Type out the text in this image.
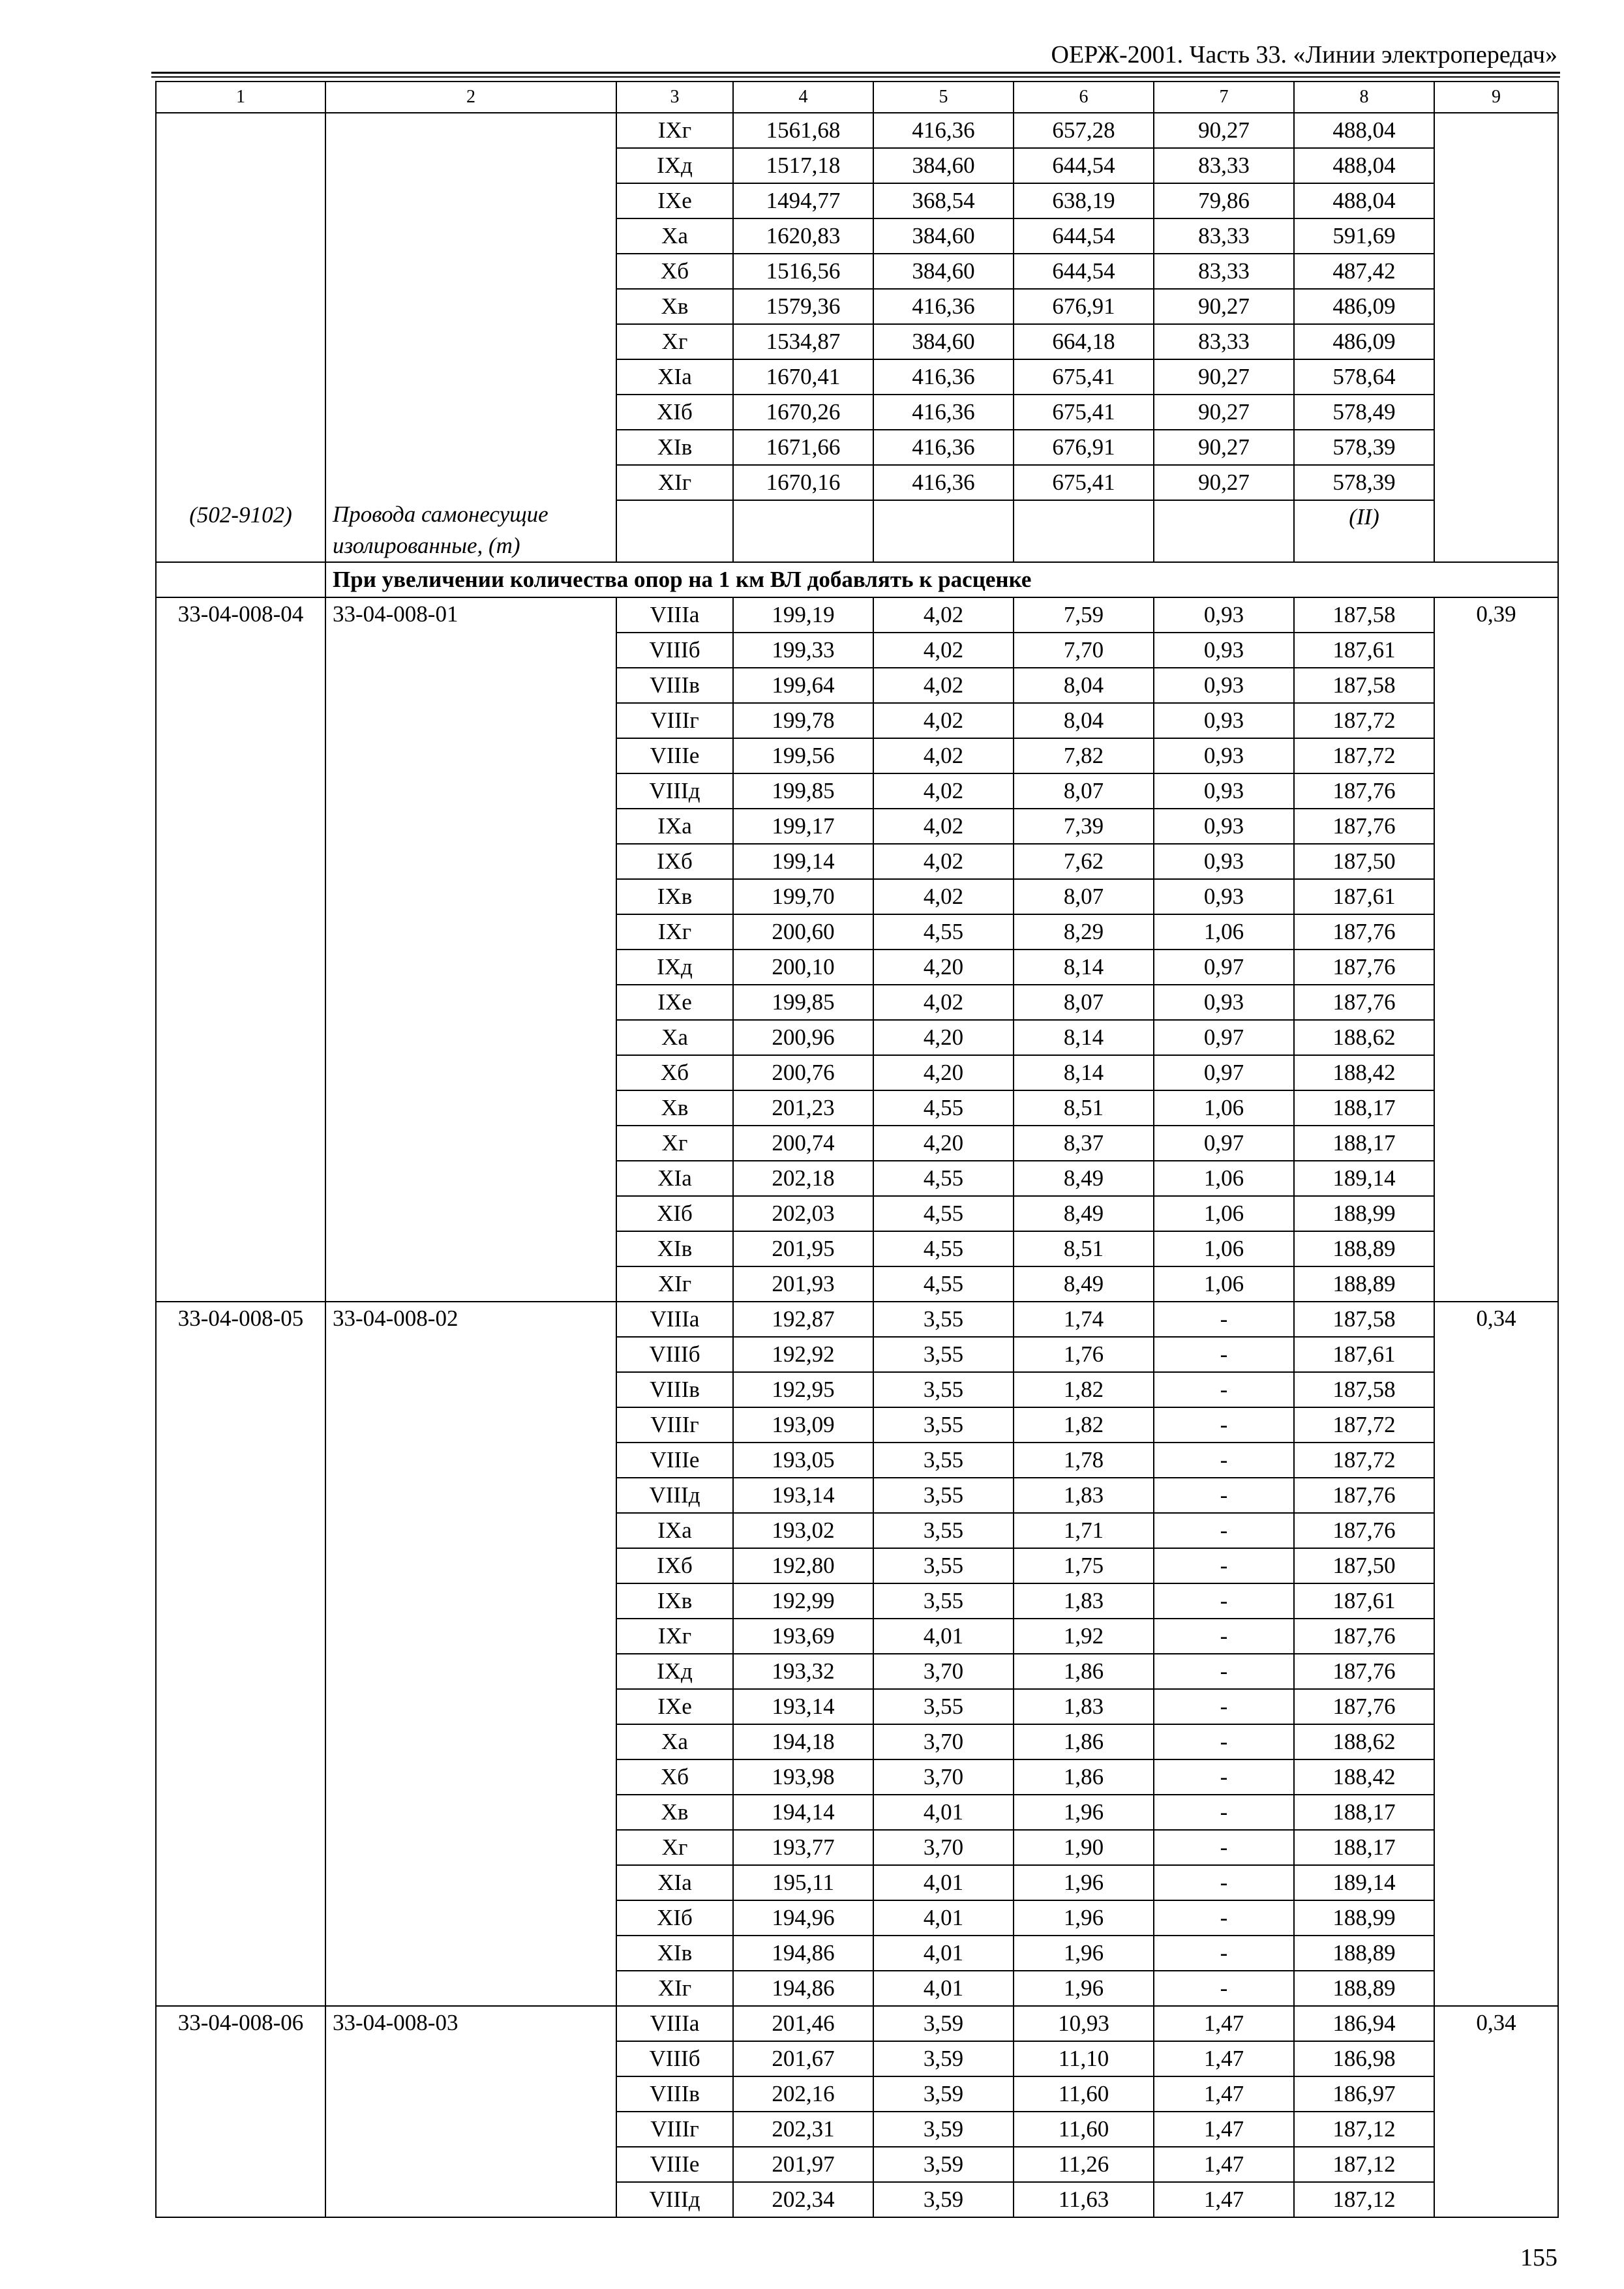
ОЕРЖ-2001. Часть 33. «Линии электропередач»
1	2	3	4	5	6	7	8	9
(502-9102)	Провода самонесущие изолированные, (т)	IXг	1561,68	416,36	657,28	90,27	488,04	
		IXд	1517,18	384,60	644,54	83,33	488,04	
		IXе	1494,77	368,54	638,19	79,86	488,04	
		Xа	1620,83	384,60	644,54	83,33	591,69	
		Xб	1516,56	384,60	644,54	83,33	487,42	
		Xв	1579,36	416,36	676,91	90,27	486,09	
		Xг	1534,87	384,60	664,18	83,33	486,09	
		XIа	1670,41	416,36	675,41	90,27	578,64	
		XIб	1670,26	416,36	675,41	90,27	578,49	
		XIв	1671,66	416,36	676,91	90,27	578,39	
		XIг	1670,16	416,36	675,41	90,27	578,39	
							(II)	
	При увеличении количества опор на 1 км ВЛ добавлять к расценке							
33-04-008-04	33-04-008-01	VIIIа	199,19	4,02	7,59	0,93	187,58	0,39
		VIIIб	199,33	4,02	7,70	0,93	187,61	
		VIIIв	199,64	4,02	8,04	0,93	187,58	
		VIIIг	199,78	4,02	8,04	0,93	187,72	
		VIIIе	199,56	4,02	7,82	0,93	187,72	
		VIIIд	199,85	4,02	8,07	0,93	187,76	
		IXа	199,17	4,02	7,39	0,93	187,76	
		IXб	199,14	4,02	7,62	0,93	187,50	
		IXв	199,70	4,02	8,07	0,93	187,61	
		IXг	200,60	4,55	8,29	1,06	187,76	
		IXд	200,10	4,20	8,14	0,97	187,76	
		IXе	199,85	4,02	8,07	0,93	187,76	
		Xа	200,96	4,20	8,14	0,97	188,62	
		Xб	200,76	4,20	8,14	0,97	188,42	
		Xв	201,23	4,55	8,51	1,06	188,17	
		Xг	200,74	4,20	8,37	0,97	188,17	
		XIа	202,18	4,55	8,49	1,06	189,14	
		XIб	202,03	4,55	8,49	1,06	188,99	
		XIв	201,95	4,55	8,51	1,06	188,89	
		XIг	201,93	4,55	8,49	1,06	188,89	
33-04-008-05	33-04-008-02	VIIIа	192,87	3,55	1,74	-	187,58	0,34
		VIIIб	192,92	3,55	1,76	-	187,61	
		VIIIв	192,95	3,55	1,82	-	187,58	
		VIIIг	193,09	3,55	1,82	-	187,72	
		VIIIе	193,05	3,55	1,78	-	187,72	
		VIIIд	193,14	3,55	1,83	-	187,76	
		IXа	193,02	3,55	1,71	-	187,76	
		IXб	192,80	3,55	1,75	-	187,50	
		IXв	192,99	3,55	1,83	-	187,61	
		IXг	193,69	4,01	1,92	-	187,76	
		IXд	193,32	3,70	1,86	-	187,76	
		IXе	193,14	3,55	1,83	-	187,76	
		Xа	194,18	3,70	1,86	-	188,62	
		Xб	193,98	3,70	1,86	-	188,42	
		Xв	194,14	4,01	1,96	-	188,17	
		Xг	193,77	3,70	1,90	-	188,17	
		XIа	195,11	4,01	1,96	-	189,14	
		XIб	194,96	4,01	1,96	-	188,99	
		XIв	194,86	4,01	1,96	-	188,89	
		XIг	194,86	4,01	1,96	-	188,89	
33-04-008-06	33-04-008-03	VIIIа	201,46	3,59	10,93	1,47	186,94	0,34
		VIIIб	201,67	3,59	11,10	1,47	186,98	
		VIIIв	202,16	3,59	11,60	1,47	186,97	
		VIIIг	202,31	3,59	11,60	1,47	187,12	
		VIIIе	201,97	3,59	11,26	1,47	187,12	
		VIIIд	202,34	3,59	11,63	1,47	187,12	
155
